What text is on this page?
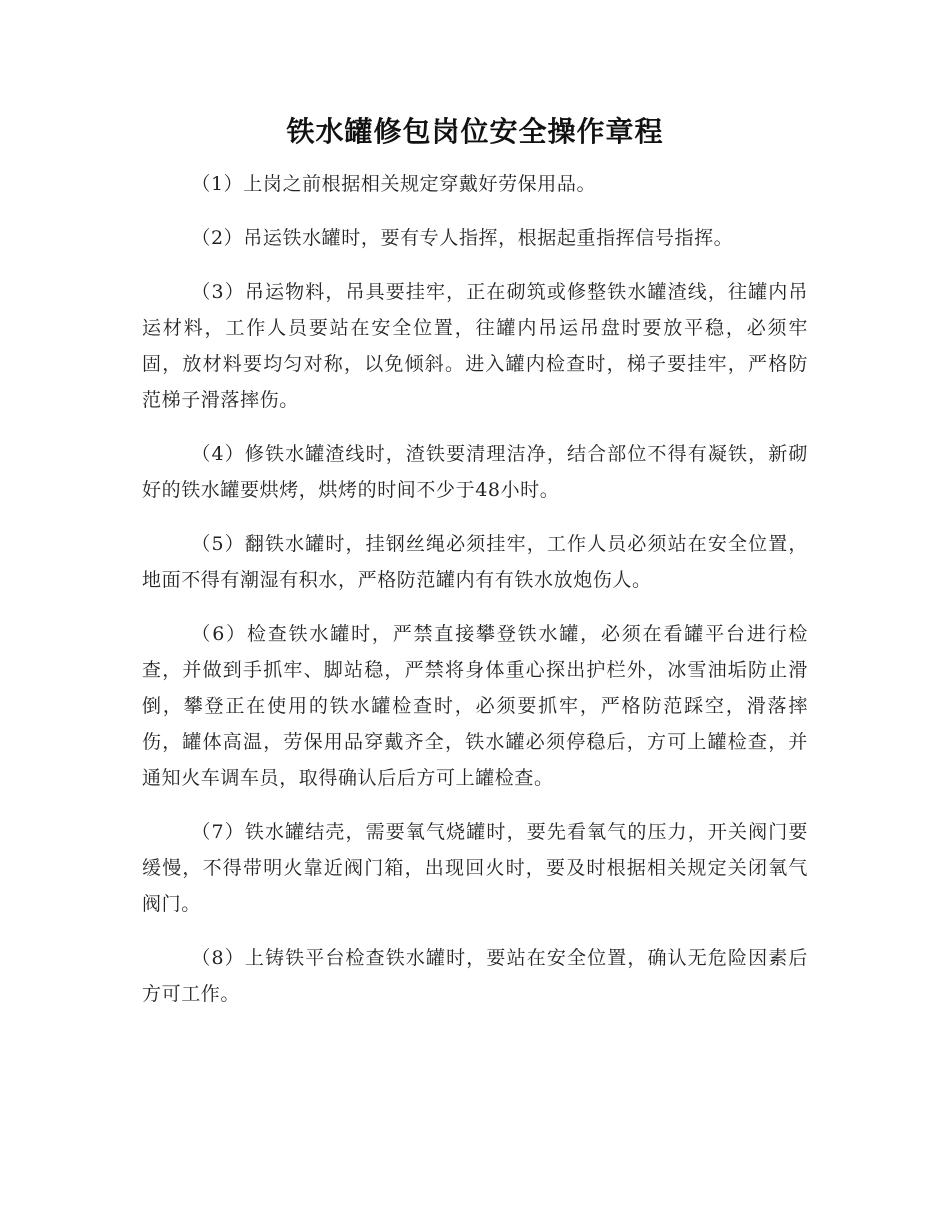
铁水罐修包岗位安全操作章程

（1）上岗之前根据相关规定穿戴好劳保用品。

（2）吊运铁水罐时，要有专人指挥，根据起重指挥信号指挥。

（3）吊运物料，吊具要挂牢，正在砌筑或修整铁水罐渣线，往罐内吊运材料，工作人员要站在安全位置，往罐内吊运吊盘时要放平稳，必须牢固，放材料要均匀对称，以免倾斜。进入罐内检查时，梯子要挂牢，严格防范梯子滑落摔伤。

（4）修铁水罐渣线时，渣铁要清理洁净，结合部位不得有凝铁，新砌好的铁水罐要烘烤，烘烤的时间不少于48小时。

（5）翻铁水罐时，挂钢丝绳必须挂牢，工作人员必须站在安全位置，地面不得有潮湿有积水，严格防范罐内有有铁水放炮伤人。

（6）检查铁水罐时，严禁直接攀登铁水罐，必须在看罐平台进行检查，并做到手抓牢、脚站稳，严禁将身体重心探出护栏外，冰雪油垢防止滑倒，攀登正在使用的铁水罐检查时，必须要抓牢，严格防范踩空，滑落摔伤，罐体高温，劳保用品穿戴齐全，铁水罐必须停稳后，方可上罐检查，并通知火车调车员，取得确认后后方可上罐检查。

（7）铁水罐结壳，需要氧气烧罐时，要先看氧气的压力，开关阀门要缓慢，不得带明火靠近阀门箱，出现回火时，要及时根据相关规定关闭氧气阀门。

（8）上铸铁平台检查铁水罐时，要站在安全位置，确认无危险因素后方可工作。
